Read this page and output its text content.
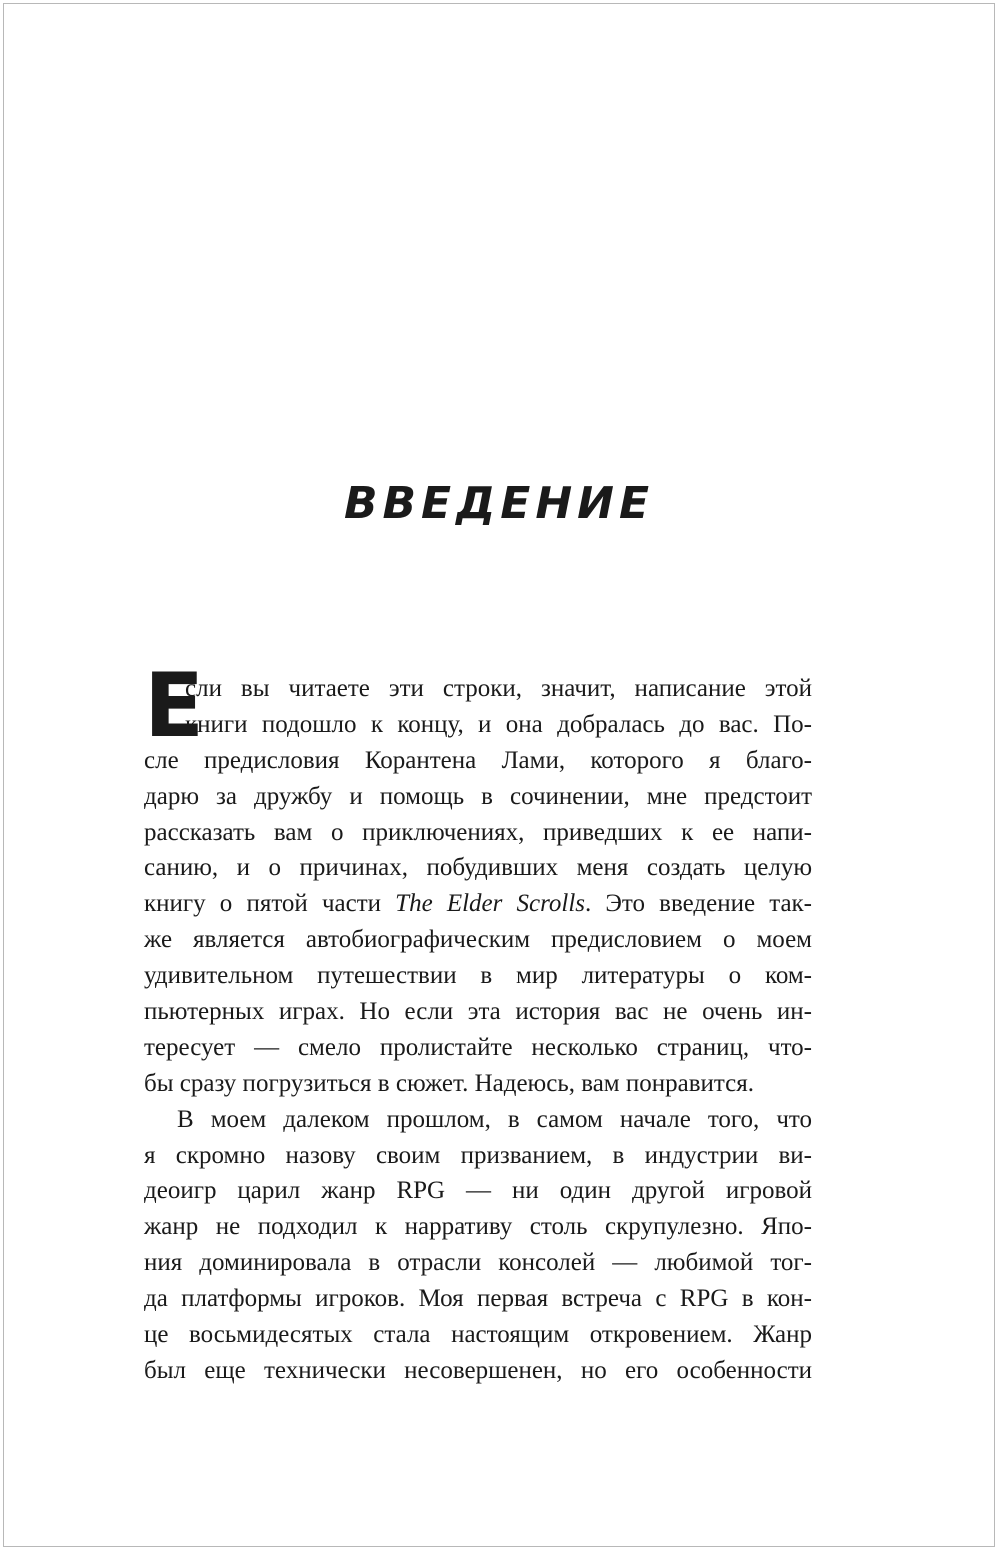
ВВЕДЕНИЕ
Е
сли вы читаете эти строки, значит, написание этой
книги подошло к концу, и она добралась до вас. По-
сле предисловия Корантена Лами, которого я благо-
дарю за дружбу и помощь в сочинении, мне предстоит
рассказать вам о приключениях, приведших к ее напи-
санию, и о причинах, побудивших меня создать целую
книгу о пятой части The Elder Scrolls. Это введение так-
же является автобиографическим предисловием о моем
удивительном путешествии в мир литературы о ком-
пьютерных играх. Но если эта история вас не очень ин-
тересует — смело пролистайте несколько страниц, что-
бы сразу погрузиться в сюжет. Надеюсь, вам понравится.
В моем далеком прошлом, в самом начале того, что
я скромно назову своим призванием, в индустрии ви-
деоигр царил жанр RPG — ни один другой игровой
жанр не подходил к нарративу столь скрупулезно. Япо-
ния доминировала в отрасли консолей — любимой тог-
да платформы игроков. Моя первая встреча с RPG в кон-
це восьмидесятых стала настоящим откровением. Жанр
был еще технически несовершенен, но его особенности
